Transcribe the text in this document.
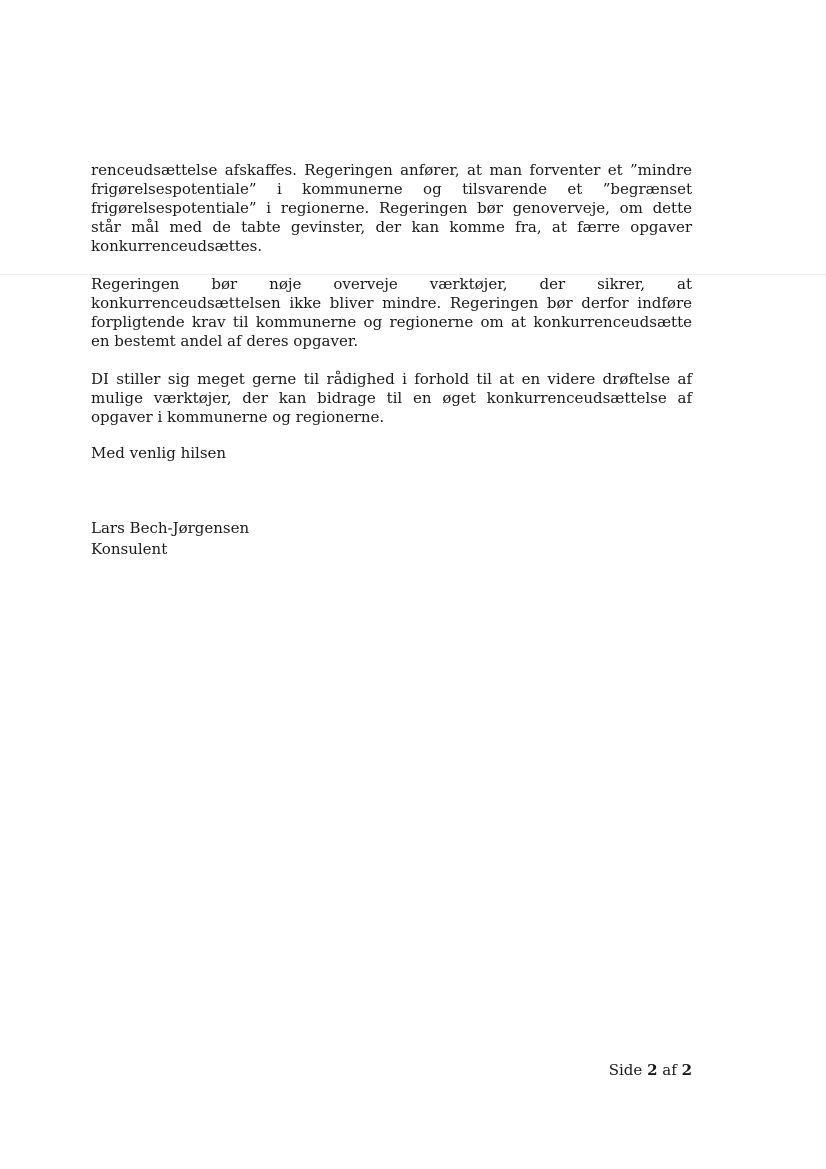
renceudsættelse afskaffes. Regeringen anfører, at man forventer et ”mindre frigørelsespotentiale” i kommunerne og tilsvarende et ”begrænset frigørelsespotentiale” i regionerne. Regeringen bør genoverveje, om dette står mål med de tabte gevinster, der kan komme fra, at færre opgaver konkurrenceudsættes.

Regeringen bør nøje overveje værktøjer, der sikrer, at konkurrenceudsættelsen ikke bliver mindre. Regeringen bør derfor indføre forpligtende krav til kommunerne og regionerne om at konkurrenceudsætte en bestemt andel af deres opgaver.

DI stiller sig meget gerne til rådighed i forhold til at en videre drøftelse af mulige værktøjer, der kan bidrage til en øget konkurrenceudsættelse af opgaver i kommunerne og regionerne.

Med venlig hilsen
Lars Bech-Jørgensen
Konsulent
Side 2 af 2
